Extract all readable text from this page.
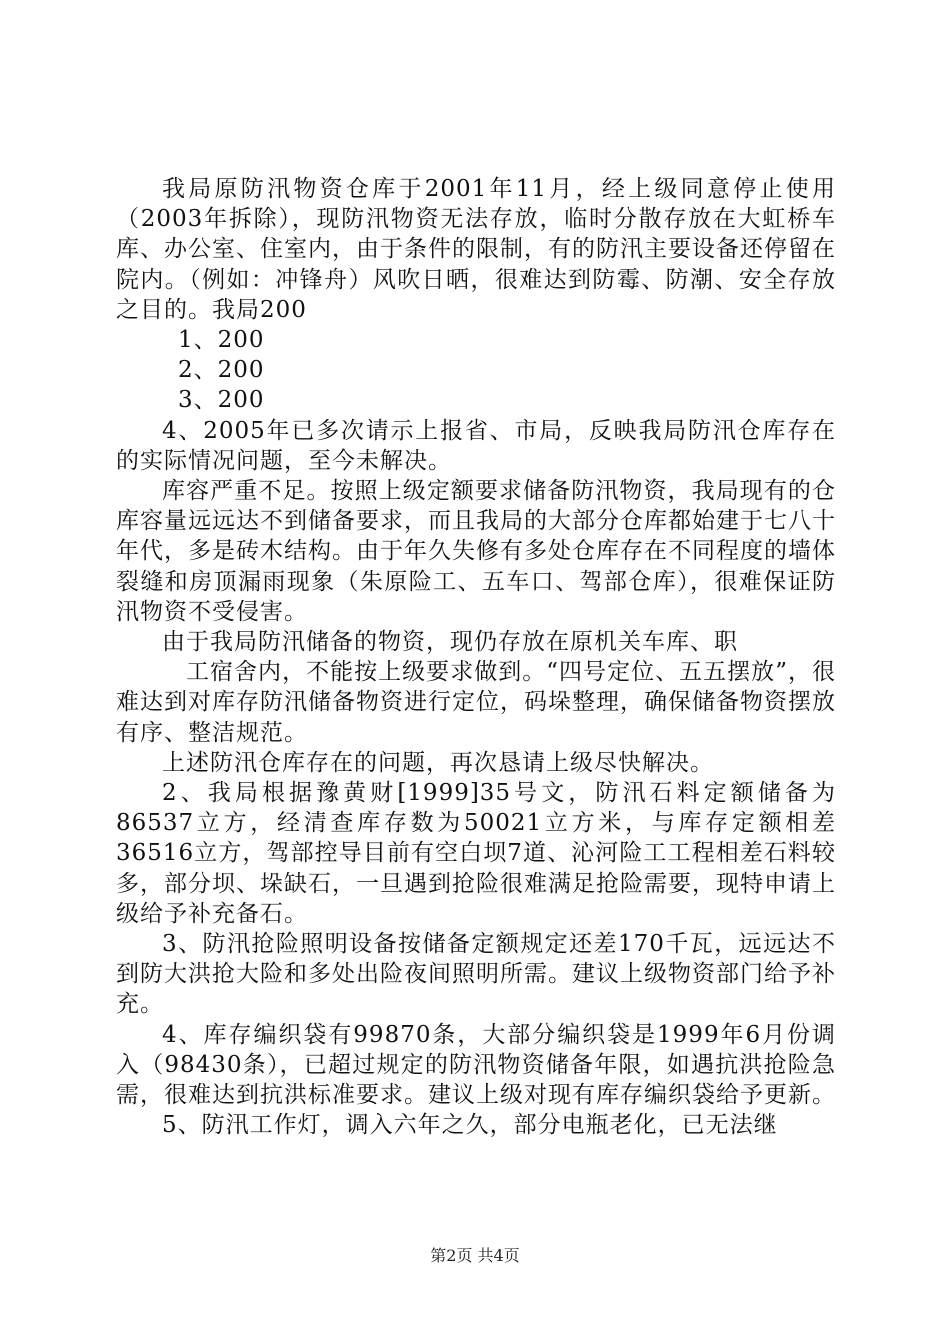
我局原防汛物资仓库于2001年11月，经上级同意停止使用（2003年拆除），现防汛物资无法存放，临时分散存放在大虹桥车库、办公室、住室内，由于条件的限制，有的防汛主要设备还停留在院内。（例如：冲锋舟）风吹日晒，很难达到防霉、防潮、安全存放之目的。我局200

1、200

2、200

3、200

4、2005年已多次请示上报省、市局，反映我局防汛仓库存在的实际情况问题，至今未解决。

库容严重不足。按照上级定额要求储备防汛物资，我局现有的仓库容量远远达不到储备要求，而且我局的大部分仓库都始建于七八十年代，多是砖木结构。由于年久失修有多处仓库存在不同程度的墙体裂缝和房顶漏雨现象（朱原险工、五车口、驾部仓库），很难保证防汛物资不受侵害。

由于我局防汛储备的物资，现仍存放在原机关车库、职

工宿舍内，不能按上级要求做到。“四号定位、五五摆放”，很难达到对库存防汛储备物资进行定位，码垛整理，确保储备物资摆放有序、整洁规范。

上述防汛仓库存在的问题，再次恳请上级尽快解决。

2、我局根据豫黄财[1999]35号文，防汛石料定额储备为86537立方，经清查库存数为50021立方米，与库存定额相差36516立方，驾部控导目前有空白坝7道、沁河险工工程相差石料较多，部分坝、垛缺石，一旦遇到抢险很难满足抢险需要，现特申请上级给予补充备石。

3、防汛抢险照明设备按储备定额规定还差170千瓦，远远达不到防大洪抢大险和多处出险夜间照明所需。建议上级物资部门给予补充。

4、库存编织袋有99870条，大部分编织袋是1999年6月份调入（98430条），已超过规定的防汛物资储备年限，如遇抗洪抢险急需，很难达到抗洪标准要求。建议上级对现有库存编织袋给予更新。

5、防汛工作灯，调入六年之久，部分电瓶老化，已无法继

第2页 共4页
